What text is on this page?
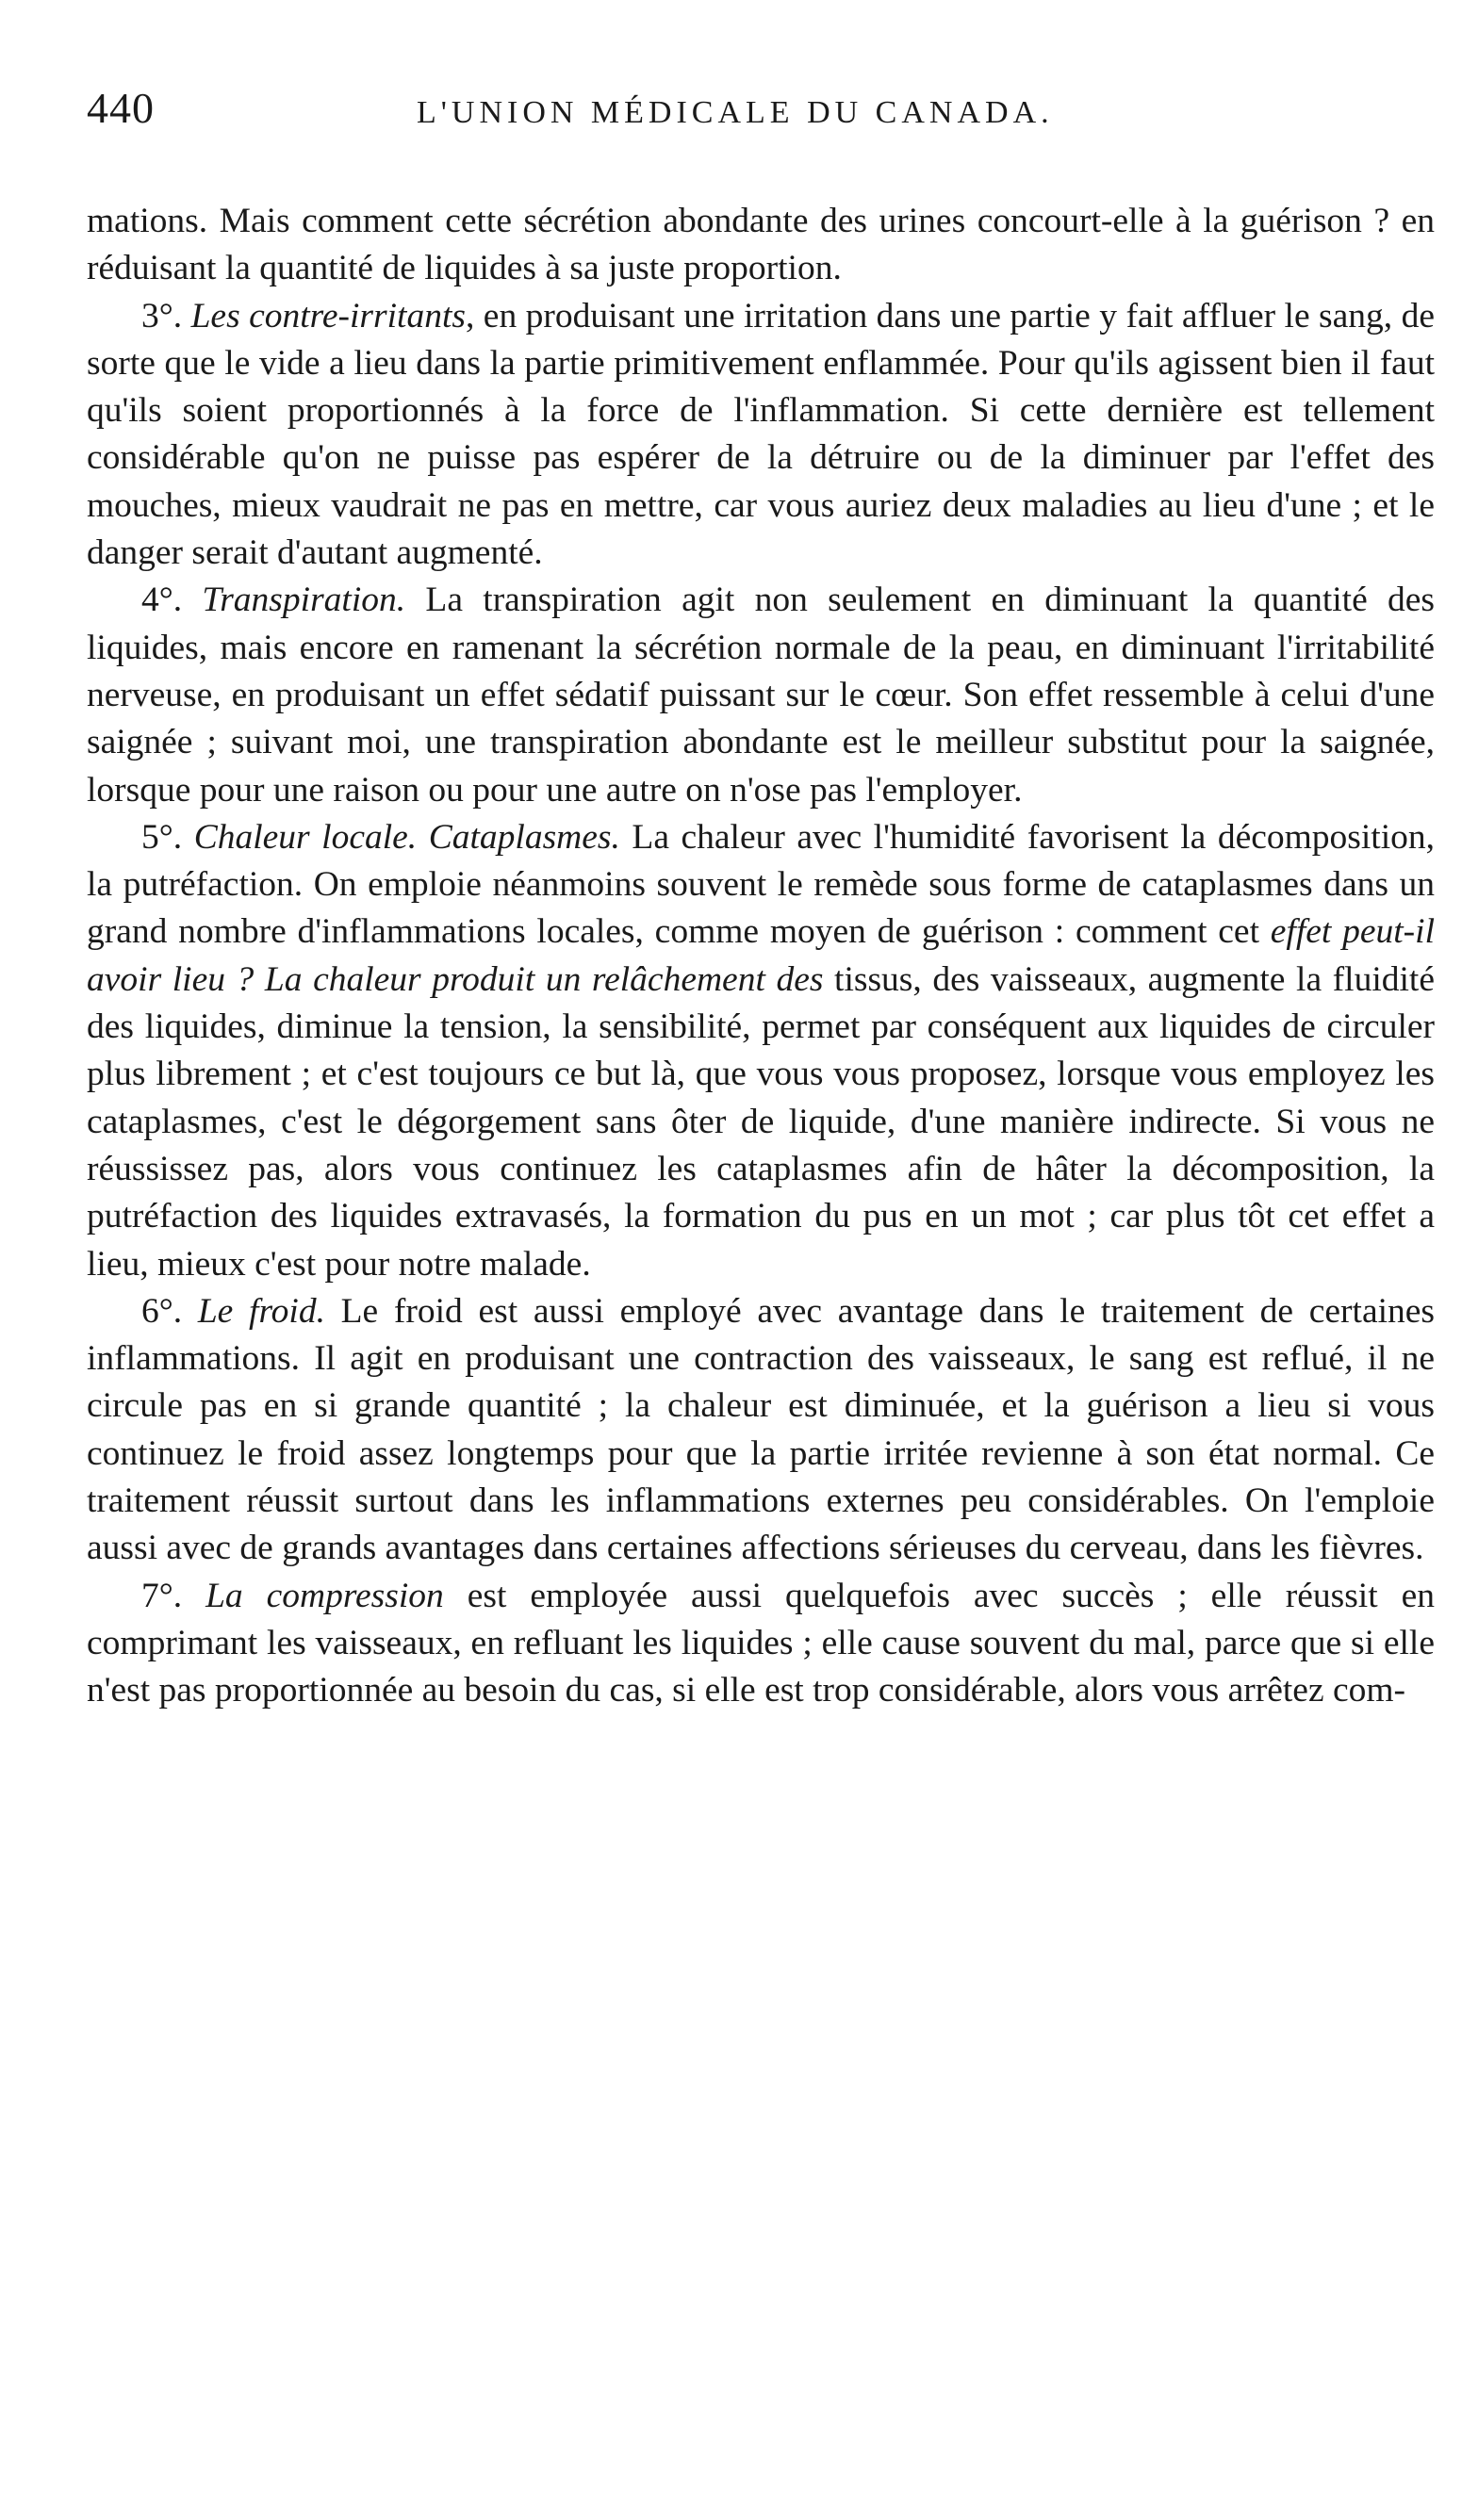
440	L'UNION MÉDICALE DU CANADA.

mations. Mais comment cette sécrétion abondante des urines concourt-elle à la guérison ? en réduisant la quantité de liquides à sa juste proportion.

3°. Les contre-irritants, en produisant une irritation dans une partie y fait affluer le sang, de sorte que le vide a lieu dans la partie primitivement enflammée. Pour qu'ils agissent bien il faut qu'ils soient proportionnés à la force de l'inflammation. Si cette dernière est tellement considérable qu'on ne puisse pas espérer de la détruire ou de la diminuer par l'effet des mouches, mieux vaudrait ne pas en mettre, car vous auriez deux maladies au lieu d'une ; et le danger serait d'autant augmenté.

4°. Transpiration. La transpiration agit non seulement en diminuant la quantité des liquides, mais encore en ramenant la sécrétion normale de la peau, en diminuant l'irritabilité nerveuse, en produisant un effet sédatif puissant sur le cœur. Son effet ressemble à celui d'une saignée ; suivant moi, une transpiration abondante est le meilleur substitut pour la saignée, lorsque pour une raison ou pour une autre on n'ose pas l'employer.

5°. Chaleur locale. Cataplasmes. La chaleur avec l'humidité favorisent la décomposition, la putréfaction. On emploie néanmoins souvent le remède sous forme de cataplasmes dans un grand nombre d'inflammations locales, comme moyen de guérison : comment cet effet peut-il avoir lieu ? La chaleur produit un relâchement des tissus, des vaisseaux, augmente la fluidité des liquides, diminue la tension, la sensibilité, permet par conséquent aux liquides de circuler plus librement ; et c'est toujours ce but là, que vous vous proposez, lorsque vous employez les cataplasmes, c'est le dégorgement sans ôter de liquide, d'une manière indirecte. Si vous ne réussissez pas, alors vous continuez les cataplasmes afin de hâter la décomposition, la putréfaction des liquides extravasés, la formation du pus en un mot ; car plus tôt cet effet a lieu, mieux c'est pour notre malade.

6°. Le froid. Le froid est aussi employé avec avantage dans le traitement de certaines inflammations. Il agit en produisant une contraction des vaisseaux, le sang est reflué, il ne circule pas en si grande quantité ; la chaleur est diminuée, et la guérison a lieu si vous continuez le froid assez longtemps pour que la partie irritée revienne à son état normal. Ce traitement réussit surtout dans les inflammations externes peu considérables. On l'emploie aussi avec de grands avantages dans certaines affections sérieuses du cerveau, dans les fièvres.

7°. La compression est employée aussi quelquefois avec succès ; elle réussit en comprimant les vaisseaux, en refluant les liquides ; elle cause souvent du mal, parce que si elle n'est pas proportionnée au besoin du cas, si elle est trop considérable, alors vous arrêtez com-
